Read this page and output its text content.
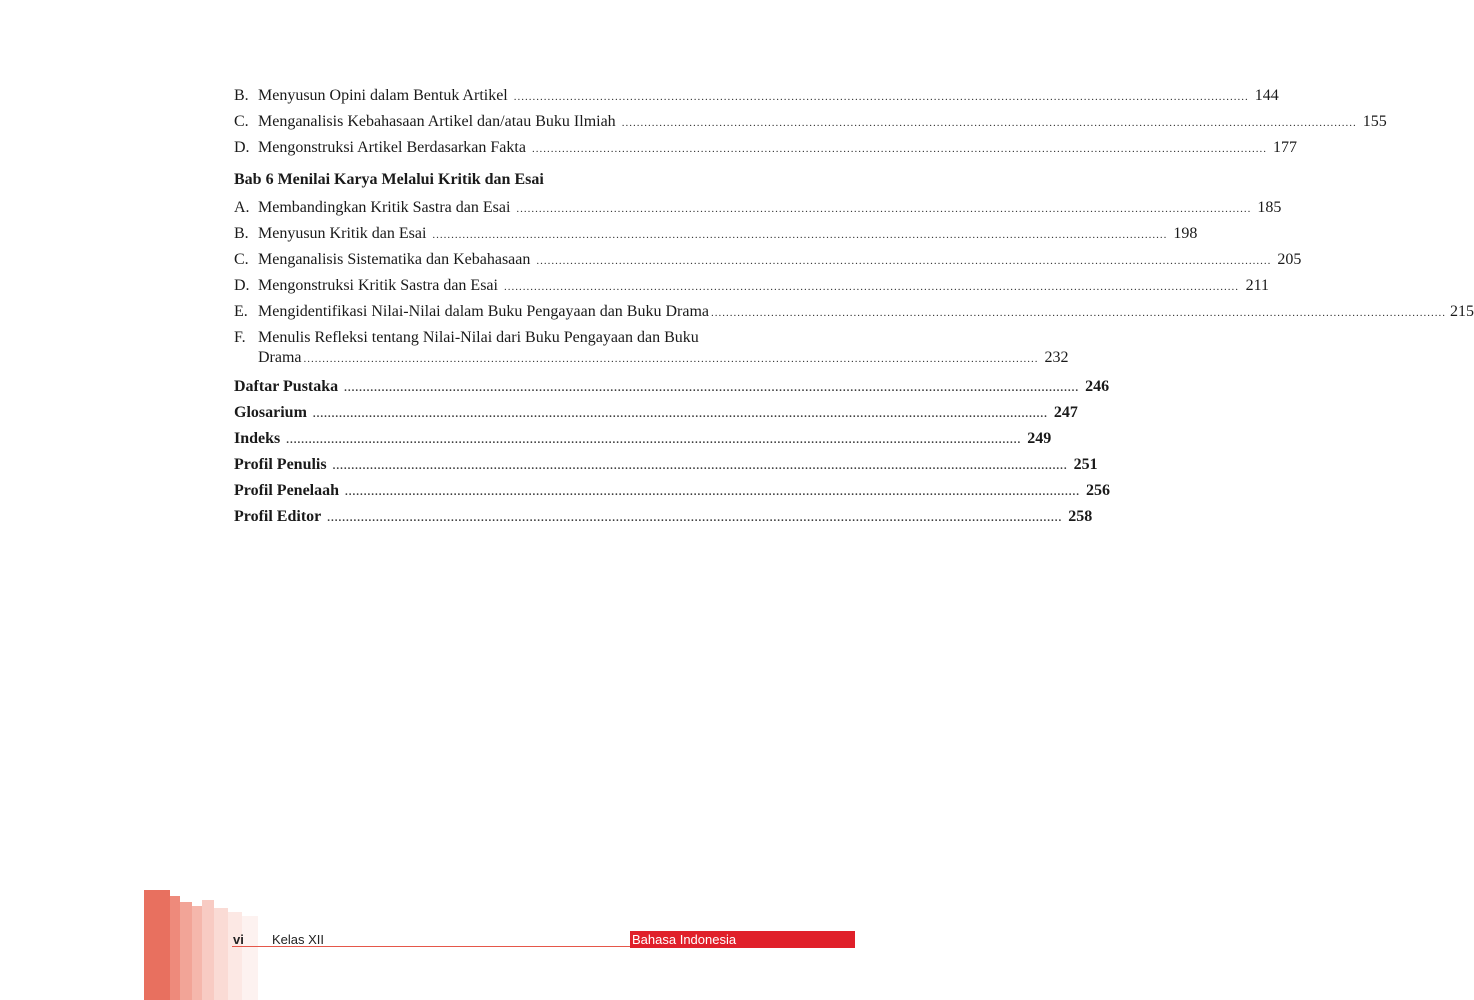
B. Menyusun Opini dalam Bentuk Artikel .....	144
C. Menganalisis Kebahasaan Artikel dan/atau Buku Ilmiah .....	155
D. Mengonstruksi Artikel Berdasarkan Fakta .....	177
Bab 6 Menilai Karya Melalui Kritik dan Esai
A. Membandingkan Kritik Sastra dan Esai .....	185
B. Menyusun Kritik dan Esai .....	198
C. Menganalisis Sistematika dan Kebahasaan .....	205
D. Mengonstruksi Kritik Sastra dan Esai .....	211
E. Mengidentifikasi Nilai-Nilai dalam Buku Pengayaan dan Buku Drama .....	215
F. Menulis Refleksi tentang Nilai-Nilai dari Buku Pengayaan dan Buku
Drama .....	232
Daftar Pustaka .....	246
Glosarium .....	247
Indeks .....	249
Profil Penulis .....	251
Profil Penelaah .....	256
Profil Editor .....	258
vi Kelas XII	Bahasa Indonesia
